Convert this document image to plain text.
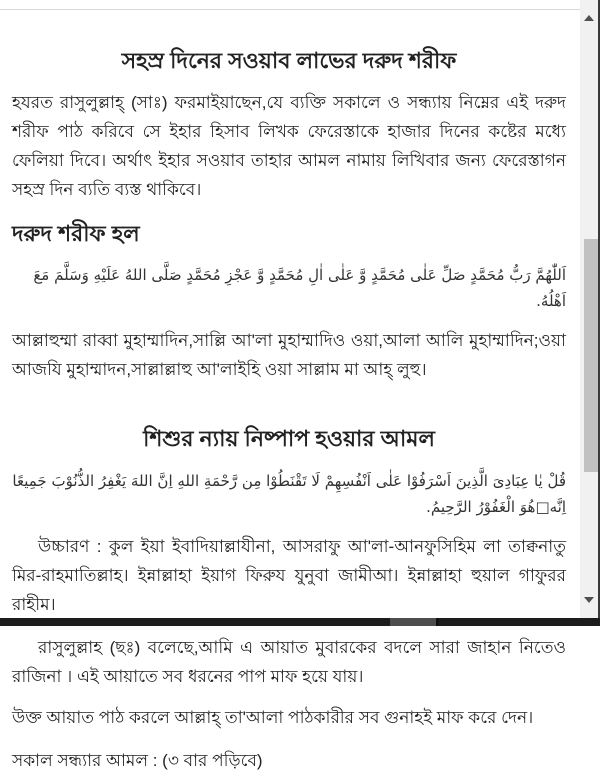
সহস্র দিনের সওয়াব লাভের দরুদ শরীফ

হযরত রাসুলুল্লাহ্ (সাঃ) ফরমাইয়াছেন,যে ব্যক্তি সকালে ও সন্ধ্যায় নিম্নের এই দরুদ শরীফ পাঠ করিবে সে ইহার হিসাব লিখক ফেরেস্তাকে হাজার দিনের কষ্টের মধ্যে ফেলিয়া দিবে। অর্থাৎ ইহার সওয়াব তাহার আমল নামায় লিখিবার জন্য ফেরেস্তাগন সহস্র দিন ব্যতি ব্যস্ত থাকিবে।

দরুদ শরীফ হল

اَللّٰهُمَّ رَبُّ مُحَمَّدٍ صَلِّ عَلٰى مُحَمَّدٍ وَّ عَلٰى اٰلِ مُحَمَّدٍ وَّ عَجْزِ مُحَمَّدٍ صَلَّى اللهُ عَلَيْهِ وَسَلَّمَ مَعَ اَهْلُهُ.

আল্লাহুম্মা রাব্বা মুহাম্মাদিন,সাল্লি আ'লা মুহাম্মাদিও ওয়া,আলা আলি মুহাম্মাদিন;ওয়া আজযি মুহাম্মাদন,সাল্লাল্লাহু আ'লাইহি ওয়া সাল্লাম মা আহ্ লুহু।

শিশুর ন্যায় নিষ্পাপ হওয়ার আমল

قُلْ يٰا عِبَادِىَ الَّذِينَ اَسْرَفُوْا عَلٰى اَنْفُسِهِمْ لَا تَقْنَطُوْا مِن رَّحْمَةِ اللهِ اِنَّ اللهَ يَغْفِرُ الذُّنُوْبَ جَمِيعًا اِنَّه□هُوَ الْغَفُوْرُ الرَّحِيمُ.

উচ্চারণ : কুল ইয়া ইবাদিয়াল্লাযীনা, আসরাফু আ'লা-আনফুসিহিম লা তাক্বনাতু মির-রাহমাতিল্লাহ। ইন্নাল্লাহা ইয়াগ ফিরুয যুনুবা জামীআ। ইন্নাল্লাহা হুয়াল গাফুরর রাহীম।

রাসুলুল্লাহ (ছঃ) বলেছে,আমি এ আয়াত মুবারকের বদলে সারা জাহান নিতেও রাজিনা । এই আয়াতে সব ধরনের পাপ মাফ হয়ে যায়।

উক্ত আয়াত পাঠ করলে আল্লাহ্ তা'আলা পাঠকারীর সব গুনাহই মাফ করে দেন।

সকাল সন্ধ্যার আমল : (৩ বার পড়িবে)
